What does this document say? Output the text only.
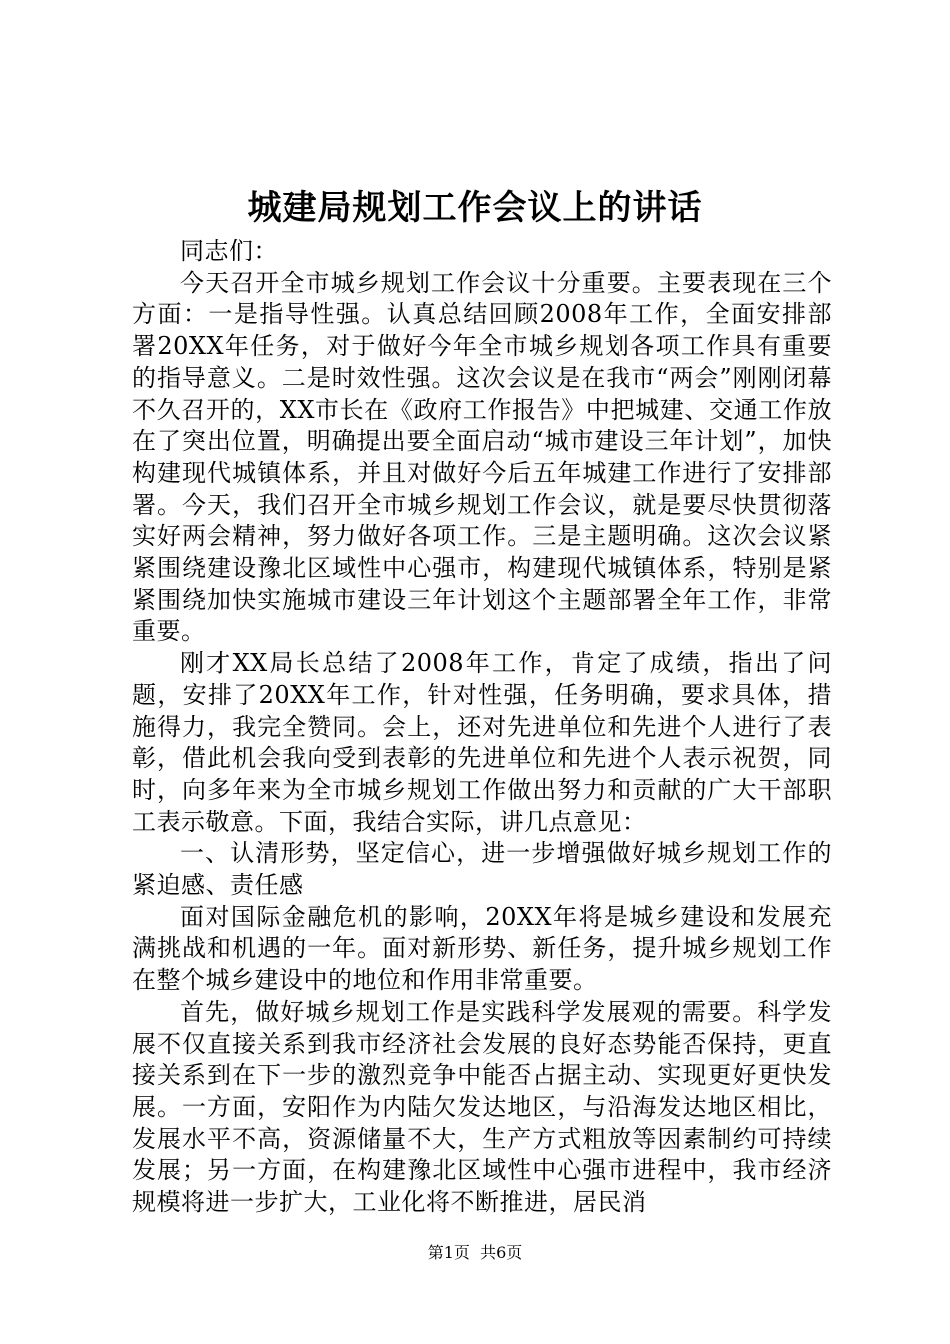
城建局规划工作会议上的讲话

同志们：

今天召开全市城乡规划工作会议十分重要。主要表现在三个方面：一是指导性强。认真总结回顾2008年工作，全面安排部署20XX年任务，对于做好今年全市城乡规划各项工作具有重要的指导意义。二是时效性强。这次会议是在我市“两会”刚刚闭幕不久召开的，XX市长在《政府工作报告》中把城建、交通工作放在了突出位置，明确提出要全面启动“城市建设三年计划”，加快构建现代城镇体系，并且对做好今后五年城建工作进行了安排部署。今天，我们召开全市城乡规划工作会议，就是要尽快贯彻落实好两会精神，努力做好各项工作。三是主题明确。这次会议紧紧围绕建设豫北区域性中心强市，构建现代城镇体系，特别是紧紧围绕加快实施城市建设三年计划这个主题部署全年工作，非常重要。

刚才XX局长总结了2008年工作，肯定了成绩，指出了问题，安排了20XX年工作，针对性强，任务明确，要求具体，措施得力，我完全赞同。会上，还对先进单位和先进个人进行了表彰，借此机会我向受到表彰的先进单位和先进个人表示祝贺，同时，向多年来为全市城乡规划工作做出努力和贡献的广大干部职工表示敬意。下面，我结合实际，讲几点意见：

一、认清形势，坚定信心，进一步增强做好城乡规划工作的紧迫感、责任感

面对国际金融危机的影响，20XX年将是城乡建设和发展充满挑战和机遇的一年。面对新形势、新任务，提升城乡规划工作在整个城乡建设中的地位和作用非常重要。

首先，做好城乡规划工作是实践科学发展观的需要。科学发展不仅直接关系到我市经济社会发展的良好态势能否保持，更直接关系到在下一步的激烈竞争中能否占据主动、实现更好更快发展。一方面，安阳作为内陆欠发达地区，与沿海发达地区相比，发展水平不高，资源储量不大，生产方式粗放等因素制约可持续发展；另一方面，在构建豫北区域性中心强市进程中，我市经济规模将进一步扩大，工业化将不断推进，居民消

第1页 共6页
